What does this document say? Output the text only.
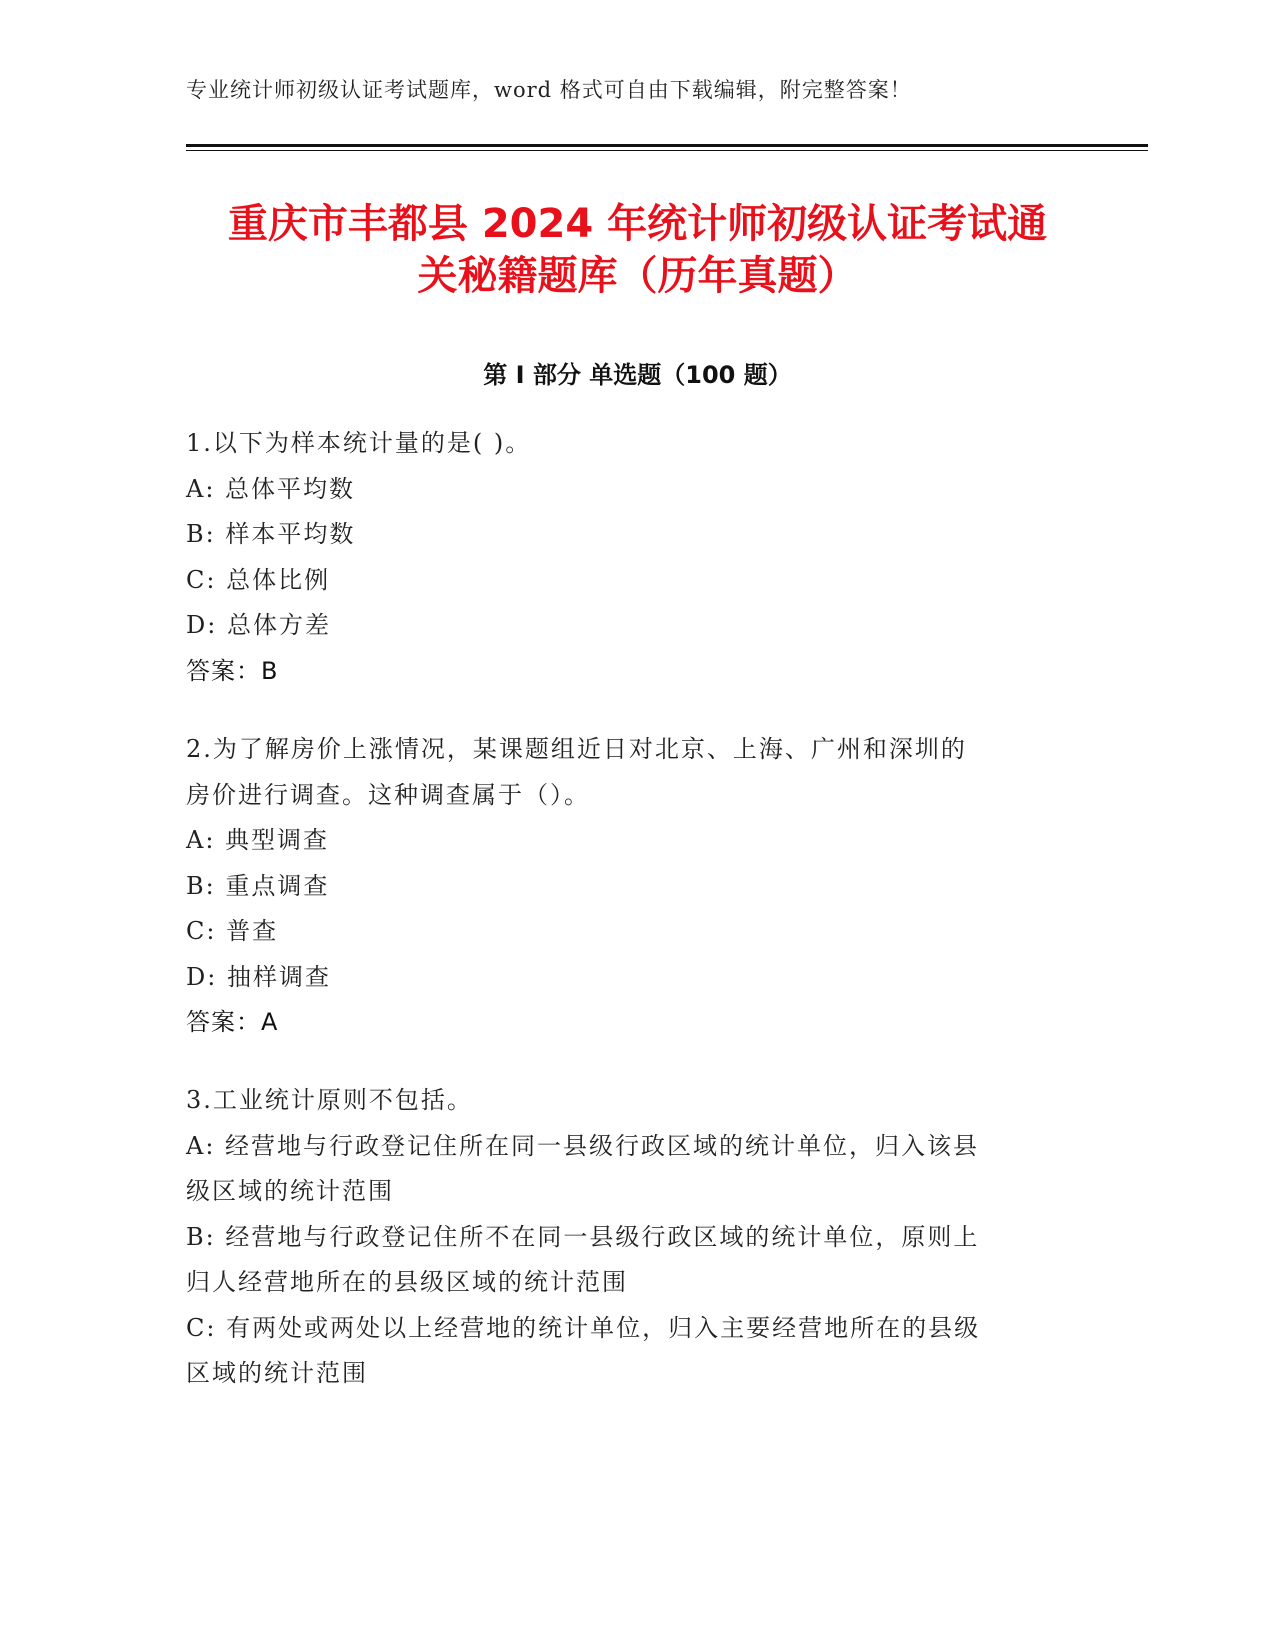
专业统计师初级认证考试题库，word 格式可自由下载编辑，附完整答案！
重庆市丰都县 2024 年统计师初级认证考试通
关秘籍题库（历年真题）
第 I 部分 单选题（100 题）
1.以下为样本统计量的是( )。
A: 总体平均数
B: 样本平均数
C: 总体比例
D: 总体方差
答案：B
2.为了解房价上涨情况，某课题组近日对北京、上海、广州和深圳的
房价进行调查。这种调查属于（）。
A: 典型调查
B: 重点调查
C: 普查
D: 抽样调查
答案：A
3.工业统计原则不包括。
A: 经营地与行政登记住所在同一县级行政区域的统计单位，归入该县
级区域的统计范围
B: 经营地与行政登记住所不在同一县级行政区域的统计单位，原则上
归人经营地所在的县级区域的统计范围
C: 有两处或两处以上经营地的统计单位，归入主要经营地所在的县级
区域的统计范围
